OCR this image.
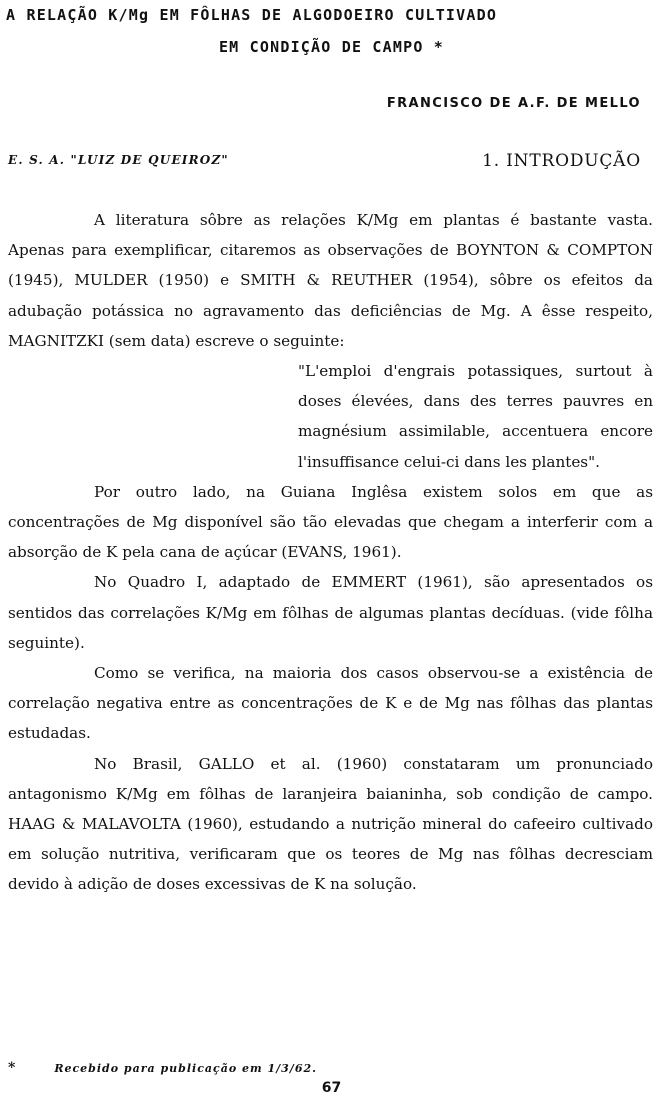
A RELAÇÃO K/Mg EM FÔLHAS DE ALGODOEIRO CULTIVADO
EM CONDIÇÃO DE CAMPO *
FRANCISCO DE A.F. DE MELLO
E. S. A. "LUIZ DE QUEIROZ"	1. INTRODUÇÃO

A literatura sôbre as relações K/Mg em plantas é bastante vasta. Apenas para exemplificar, citaremos as observações de BOYNTON & COMPTON (1945), MULDER (1950) e SMITH & REUTHER (1954), sôbre os efeitos da adubação potássica no agravamento das deficiências de Mg. A êsse respeito, MAGNITZKI (sem data) escreve o seguinte:

"L'emploi d'engrais potassiques, surtout à doses élevées, dans des terres pauvres en magnésium assimilable, accentuera encore l'insuffisance celui-ci dans les plantes".

Por outro lado, na Guiana Inglêsa existem solos em que as concentrações de Mg disponível são tão elevadas que chegam a interferir com a absorção de K pela cana de açúcar (EVANS, 1961).

No Quadro I, adaptado de EMMERT (1961), são apresentados os sentidos das correlações K/Mg em fôlhas de algumas plantas decíduas. (vide fôlha seguinte).

Como se verifica, na maioria dos casos observou-se a existência de correlação negativa entre as concentrações de K e de Mg nas fôlhas das plantas estudadas.

No Brasil, GALLO et al. (1960) constataram um pronunciado antagonismo K/Mg em fôlhas de laranjeira baianinha, sob condição de campo. HAAG & MALAVOLTA (1960), estudando a nutrição mineral do cafeeiro cultivado em solução nutritiva, verificaram que os teores de Mg nas fôlhas decresciam devido à adição de doses excessivas de K na solução.

*	Recebido para publicação em 1/3/62.
67
